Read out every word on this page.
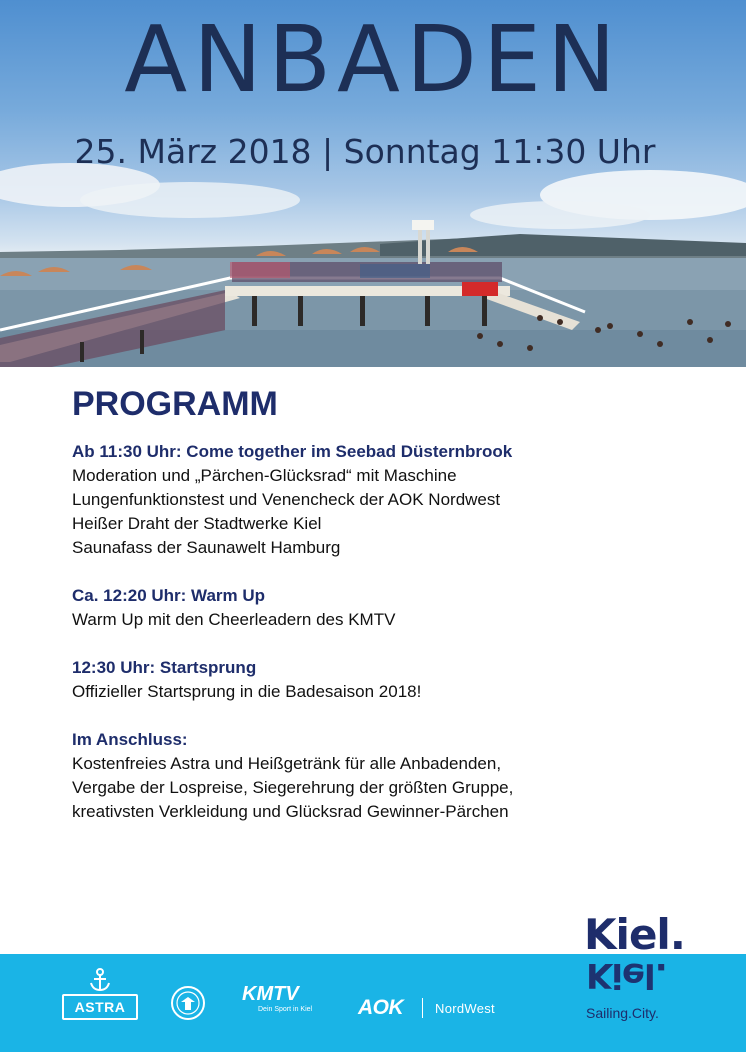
ANBADEN
25. März 2018 | Sonntag 11:30 Uhr
PROGRAMM
Ab 11:30 Uhr: Come together im Seebad Düsternbrook
Moderation und „Pärchen-Glücksrad“ mit Maschine
Lungenfunktionstest und Venencheck der AOK Nordwest
Heißer Draht der Stadtwerke Kiel
Saunafass der Saunawelt Hamburg
Ca. 12:20 Uhr: Warm Up
Warm Up mit den Cheerleadern des KMTV
12:30 Uhr: Startsprung
Offizieller Startsprung in die Badesaison 2018!
Im Anschluss:
Kostenfreies Astra und Heißgetränk für alle Anbadenden,
Vergabe der Lospreise, Siegerehrung der größten Gruppe,
kreativsten Verkleidung und Glücksrad Gewinner-Pärchen
ASTRA
KMTV
Dein Sport in Kiel	AOK NordWest
Kiel.
Kiel.
Sailing.City.
